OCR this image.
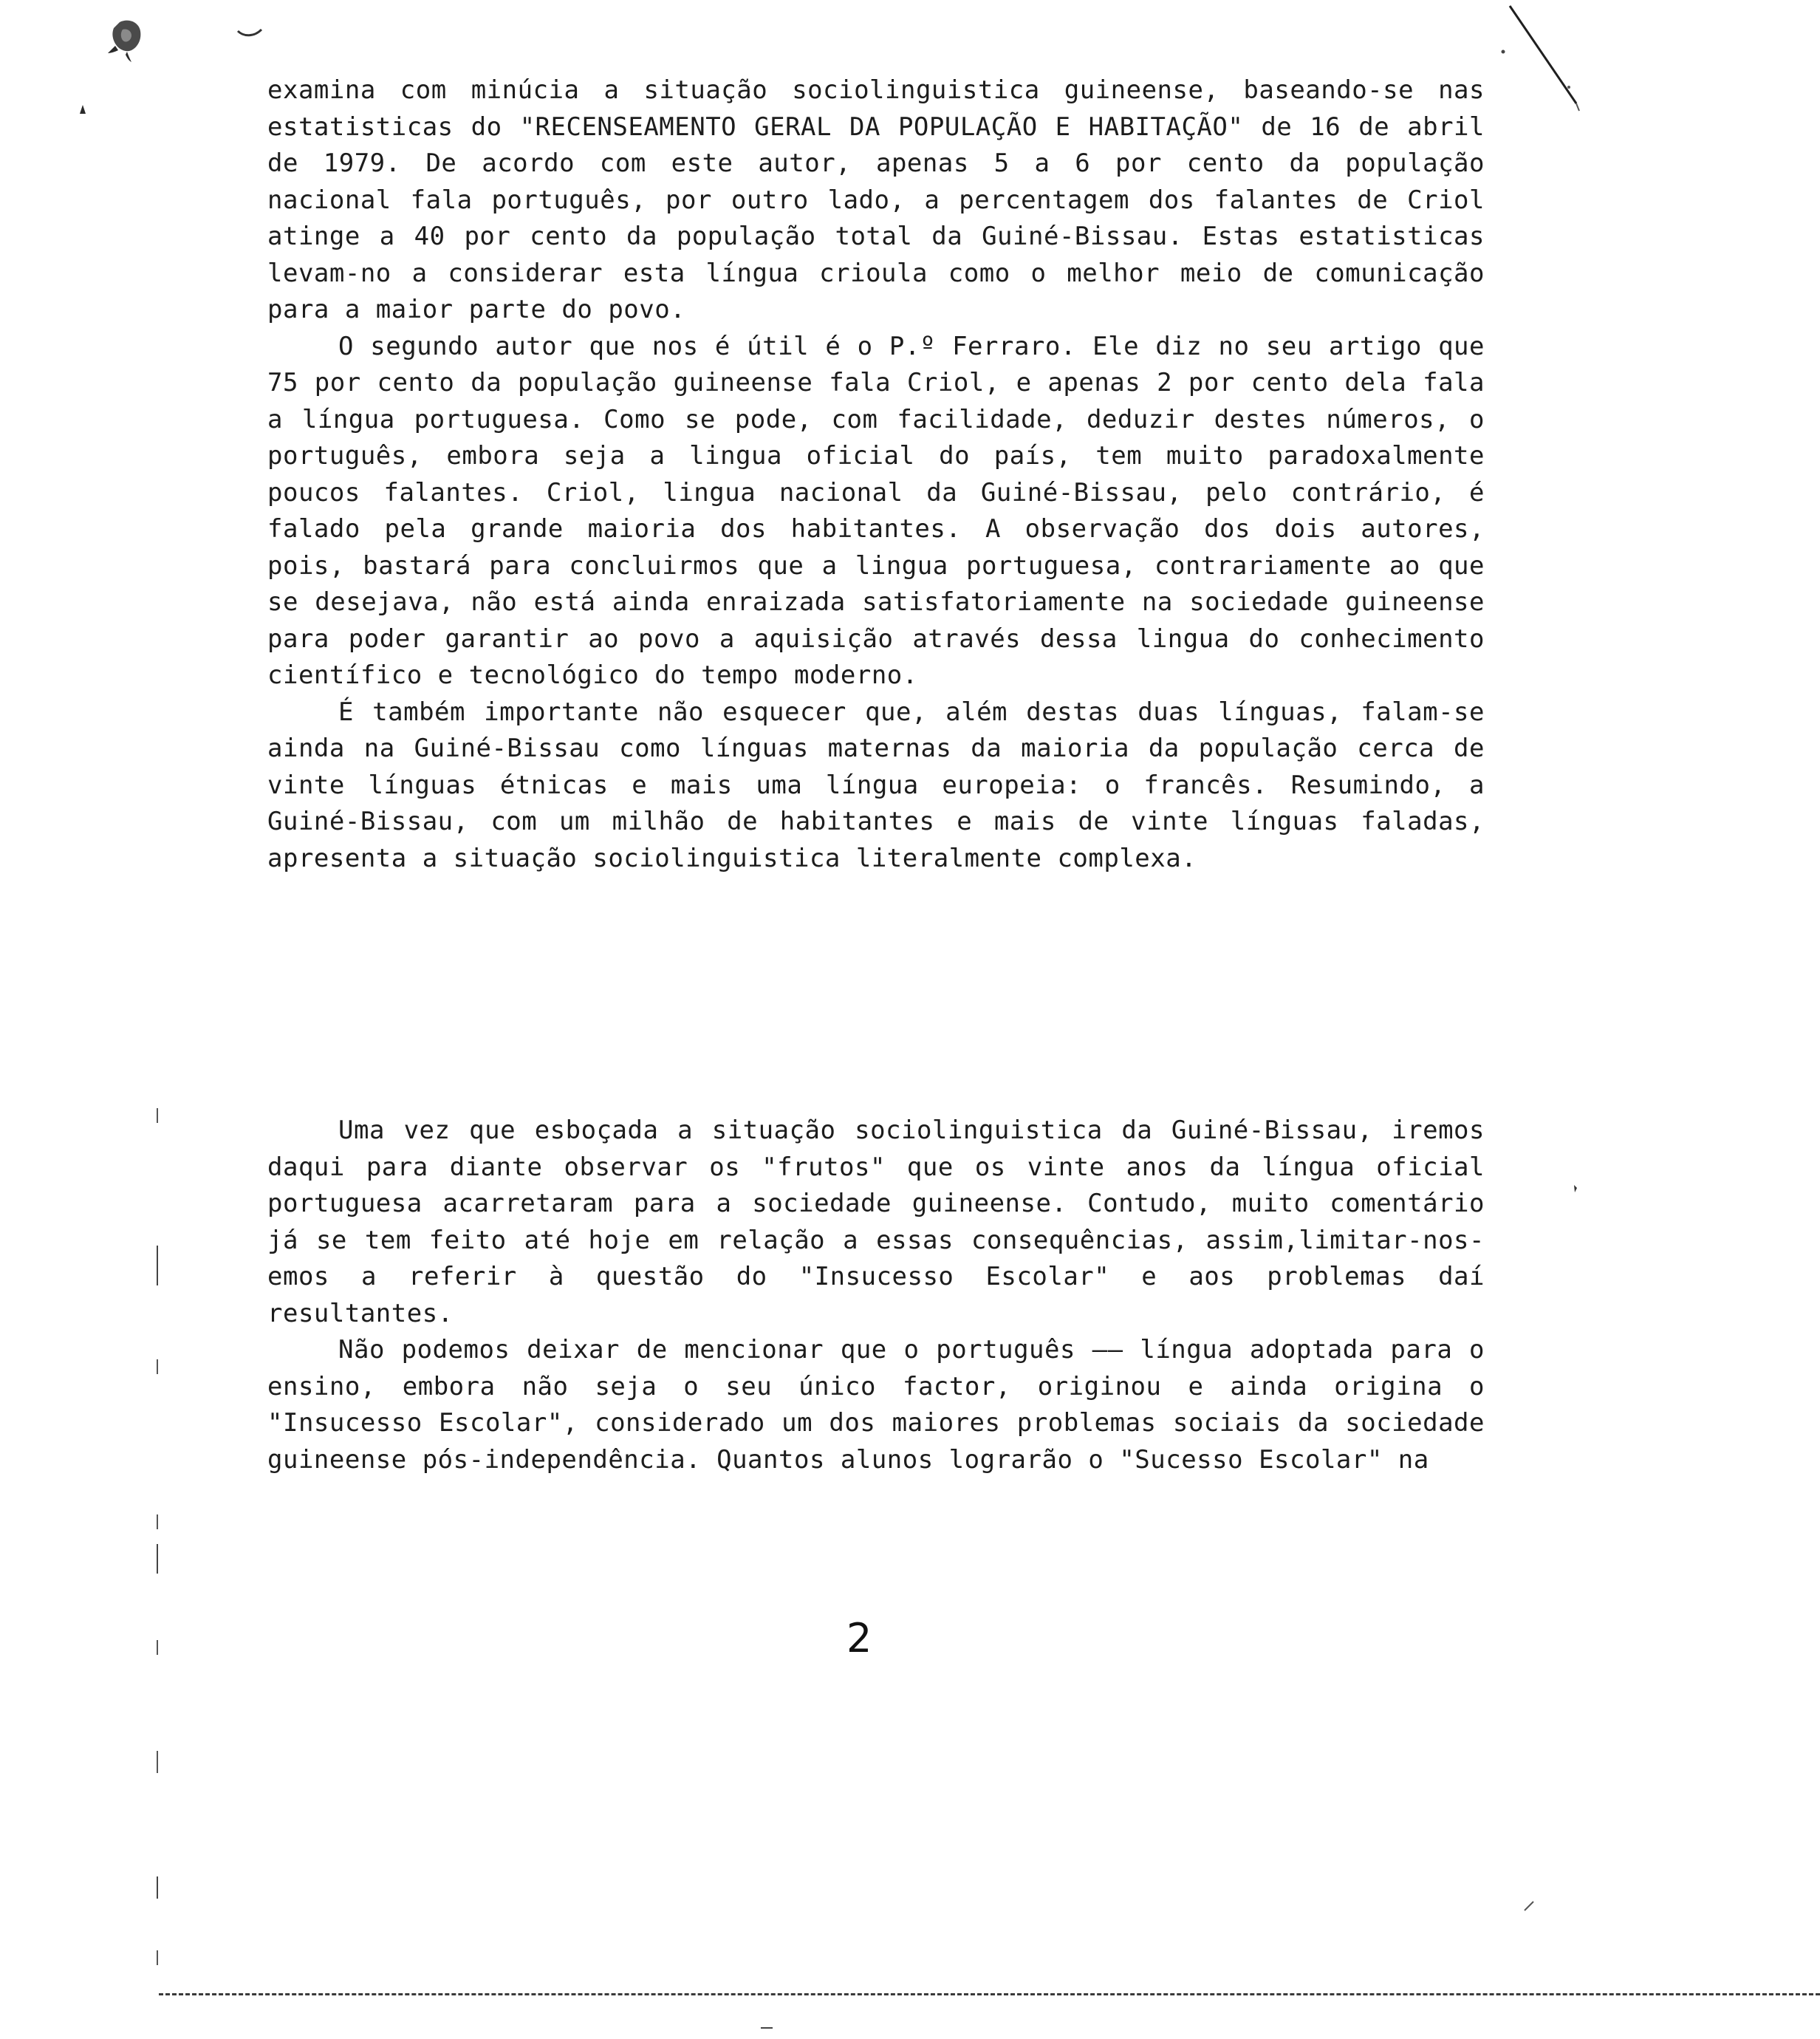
examina com minúcia a situação sociolinguistica guineense, baseando-se nas estatisticas do "RECENSEAMENTO GERAL DA POPULAÇÃO E HABITAÇÃO" de 16 de abril de 1979. De acordo com este autor, apenas 5 a 6 por cento da população nacional fala português, por outro lado, a percentagem dos falantes de Criol atinge a 40 por cento da população total da Guiné-Bissau. Estas estatisticas levam-no a considerar esta língua crioula como o melhor meio de comunicação para a maior parte do povo.

O segundo autor que nos é útil é o P.º Ferraro. Ele diz no seu artigo que 75 por cento da população guineense fala Criol, e apenas 2 por cento dela fala a língua portuguesa. Como se pode, com facilidade, deduzir destes números, o português, embora seja a lingua oficial do país, tem muito paradoxalmente poucos falantes. Criol, lingua nacional da Guiné-Bissau, pelo contrário, é falado pela grande maioria dos habitantes. A observação dos dois autores, pois, bastará para concluirmos que a lingua portuguesa, contrariamente ao que se desejava, não está ainda enraizada satisfatoriamente na sociedade guineense para poder garantir ao povo a aquisição através dessa lingua do conhecimento científico e tecnológico do tempo moderno.

É também importante não esquecer que, além destas duas línguas, falam-se ainda na Guiné-Bissau como línguas maternas da maioria da população cerca de vinte línguas étnicas e mais uma língua europeia: o francês. Resumindo, a Guiné-Bissau, com um milhão de habitantes e mais de vinte línguas faladas, apresenta a situação sociolinguistica literalmente complexa.

Uma vez que esboçada a situação sociolinguistica da Guiné-Bissau, iremos daqui para diante observar os "frutos" que os vinte anos da língua oficial portuguesa acarretaram para a sociedade guineense. Contudo, muito comentário já se tem feito até hoje em relação a essas consequências, assim,limitar-nos-emos a referir à questão do "Insucesso Escolar" e aos problemas daí resultantes.

Não podemos deixar de mencionar que o português —— língua adoptada para o ensino, embora não seja o seu único factor, originou e ainda origina o "Insucesso Escolar", considerado um dos maiores problemas sociais da sociedade guineense pós-independência. Quantos alunos lograrão o "Sucesso Escolar" na

2
